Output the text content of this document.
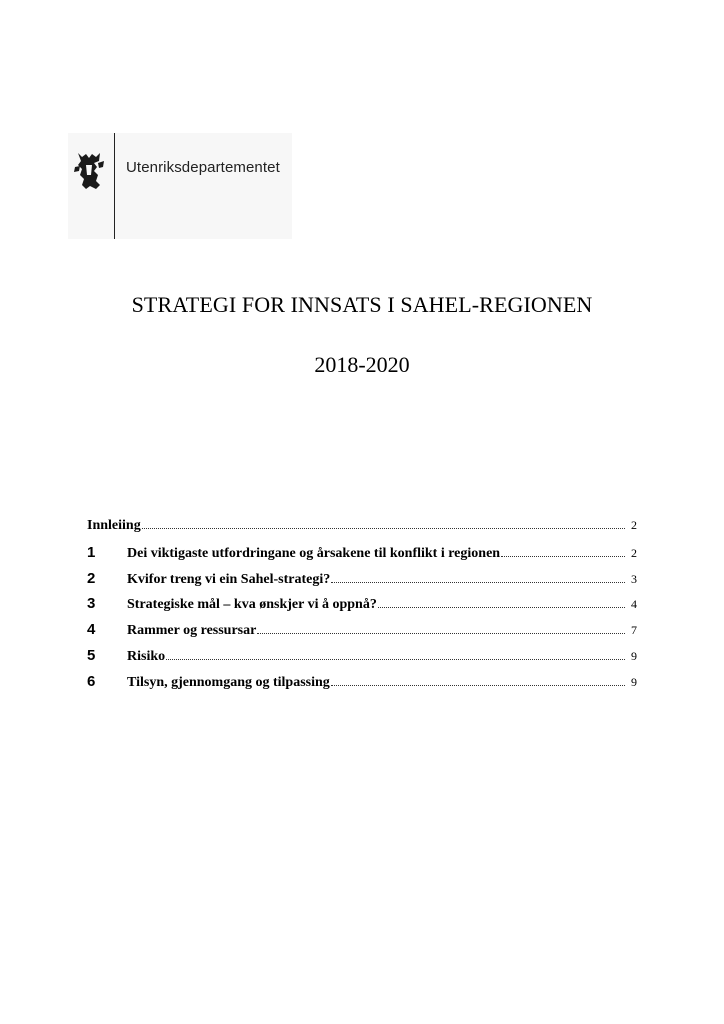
Utenriksdepartementet
STRATEGI FOR INNSATS I SAHEL-REGIONEN
2018-2020
Innleiing	2
1	Dei viktigaste utfordringane og årsakene til konflikt i regionen	2
2	Kvifor treng vi ein Sahel-strategi?	3
3	Strategiske mål – kva ønskjer vi å oppnå?	4
4	Rammer og ressursar	7
5	Risiko	9
6	Tilsyn, gjennomgang og tilpassing	9
